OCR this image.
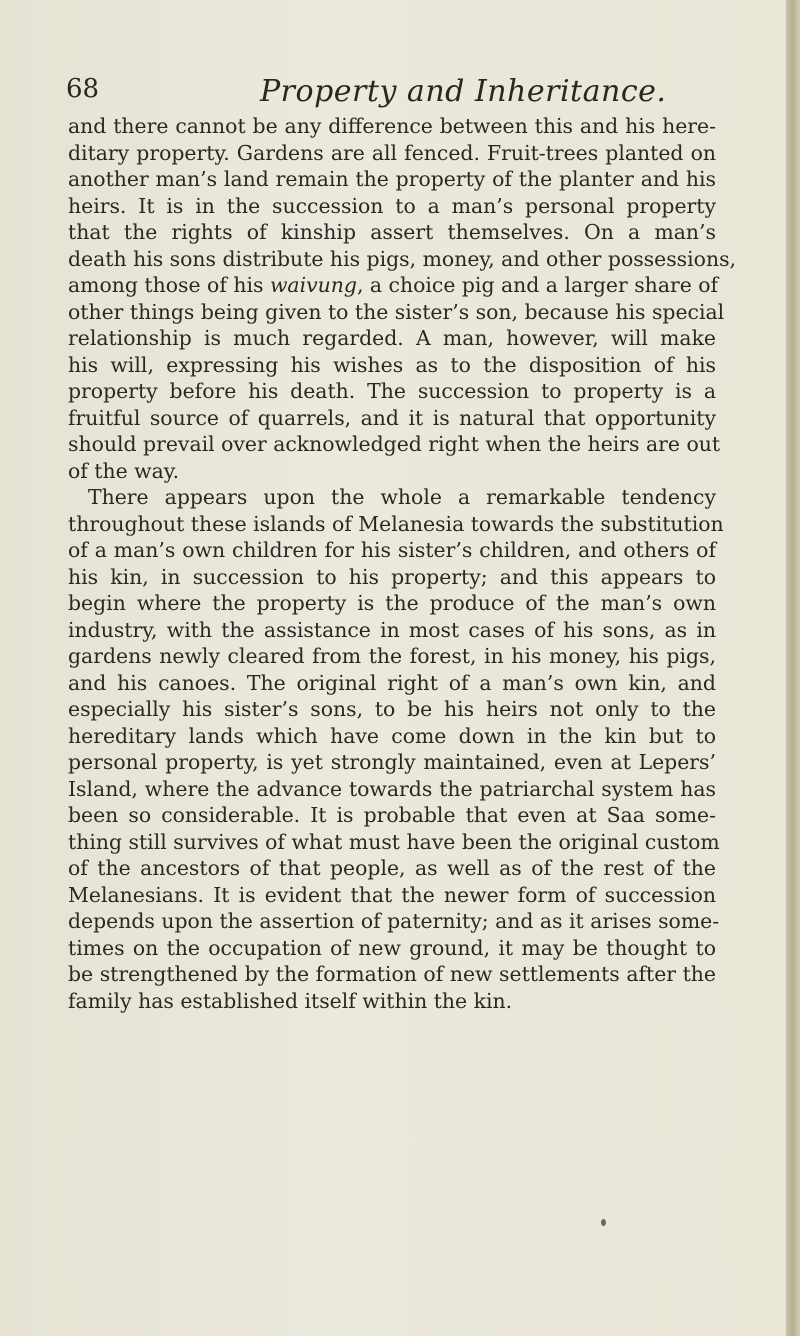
68	Property and Inheritance.
and there cannot be any difference between this and his here-
ditary property. Gardens are all fenced. Fruit-trees planted on
another man’s land remain the property of the planter and his
heirs. It is in the succession to a man’s personal property
that the rights of kinship assert themselves. On a man’s
death his sons distribute his pigs, money, and other possessions,
among those of his waivung, a choice pig and a larger share of
other things being given to the sister’s son, because his special
relationship is much regarded. A man, however, will make
his will, expressing his wishes as to the disposition of his
property before his death. The succession to property is a
fruitful source of quarrels, and it is natural that opportunity
should prevail over acknowledged right when the heirs are out
of the way.
There appears upon the whole a remarkable tendency
throughout these islands of Melanesia towards the substitution
of a man’s own children for his sister’s children, and others of
his kin, in succession to his property; and this appears to
begin where the property is the produce of the man’s own
industry, with the assistance in most cases of his sons, as in
gardens newly cleared from the forest, in his money, his pigs,
and his canoes. The original right of a man’s own kin, and
especially his sister’s sons, to be his heirs not only to the
hereditary lands which have come down in the kin but to
personal property, is yet strongly maintained, even at Lepers’
Island, where the advance towards the patriarchal system has
been so considerable. It is probable that even at Saa some-
thing still survives of what must have been the original custom
of the ancestors of that people, as well as of the rest of the
Melanesians. It is evident that the newer form of succession
depends upon the assertion of paternity; and as it arises some-
times on the occupation of new ground, it may be thought to
be strengthened by the formation of new settlements after the
family has established itself within the kin.
